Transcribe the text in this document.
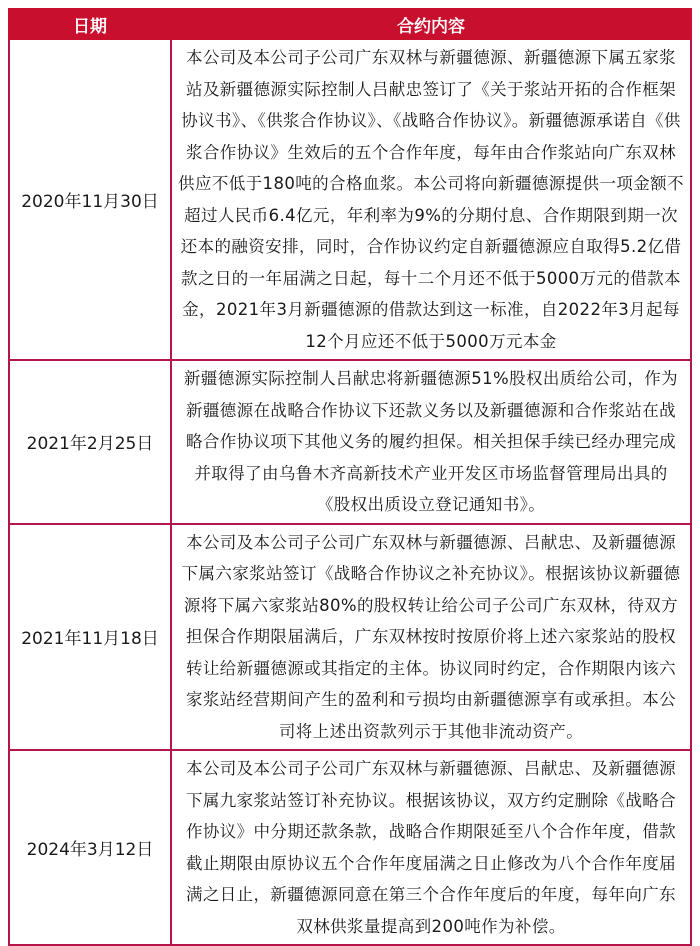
日期	合约内容
2020年11月30日	本公司及本公司子公司广东双林与新疆德源、新疆德源下属五家浆站及新疆德源实际控制人吕献忠签订了《关于浆站开拓的合作框架协议书》、《供浆合作协议》、《战略合作协议》。新疆德源承诺自《供浆合作协议》生效后的五个合作年度，每年由合作浆站向广东双林供应不低于180吨的合格血浆。本公司将向新疆德源提供一项金额不超过人民币6.4亿元，年利率为9%的分期付息、合作期限到期一次还本的融资安排，同时，合作协议约定自新疆德源应自取得5.2亿借款之日的一年届满之日起，每十二个月还不低于5000万元的借款本金，2021年3月新疆德源的借款达到这一标准，自2022年3月起每12个月应还不低于5000万元本金
2021年2月25日	新疆德源实际控制人吕献忠将新疆德源51%股权出质给公司，作为新疆德源在战略合作协议下还款义务以及新疆德源和合作浆站在战略合作协议项下其他义务的履约担保。相关担保手续已经办理完成并取得了由乌鲁木齐高新技术产业开发区市场监督管理局出具的《股权出质设立登记通知书》。
2021年11月18日	本公司及本公司子公司广东双林与新疆德源、吕献忠、及新疆德源下属六家浆站签订《战略合作协议之补充协议》。根据该协议新疆德源将下属六家浆站80%的股权转让给公司子公司广东双林，待双方担保合作期限届满后，广东双林按时按原价将上述六家浆站的股权转让给新疆德源或其指定的主体。协议同时约定，合作期限内该六家浆站经营期间产生的盈利和亏损均由新疆德源享有或承担。本公司将上述出资款列示于其他非流动资产。
2024年3月12日	本公司及本公司子公司广东双林与新疆德源、吕献忠、及新疆德源下属九家浆站签订补充协议。根据该协议，双方约定删除《战略合作协议》中分期还款条款，战略合作期限延至八个合作年度，借款截止期限由原协议五个合作年度届满之日止修改为八个合作年度届满之日止，新疆德源同意在第三个合作年度后的年度，每年向广东双林供浆量提高到200吨作为补偿。
